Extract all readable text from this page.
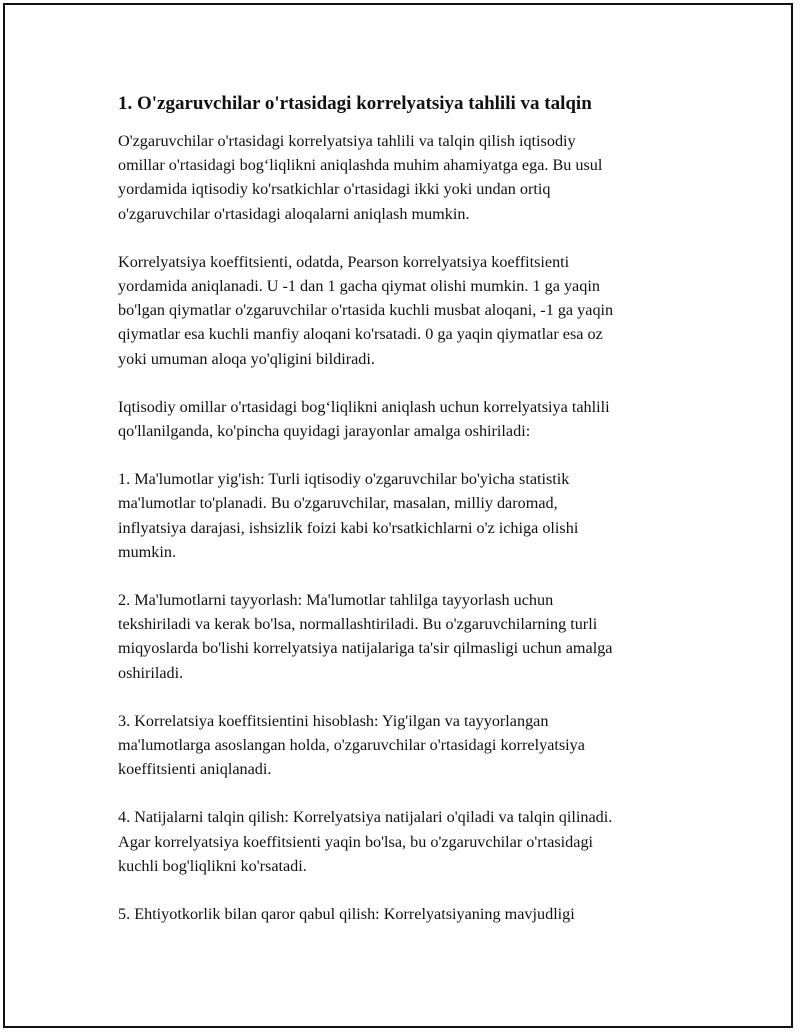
1. O'zgaruvchilar o'rtasidagi korrelyatsiya tahlili va talqin

O'zgaruvchilar o'rtasidagi korrelyatsiya tahlili va talqin qilish iqtisodiy
omillar o'rtasidagi bog‘liqlikni aniqlashda muhim ahamiyatga ega. Bu usul
yordamida iqtisodiy ko'rsatkichlar o'rtasidagi ikki yoki undan ortiq
o'zgaruvchilar o'rtasidagi aloqalarni aniqlash mumkin.

Korrelyatsiya koeffitsienti, odatda, Pearson korrelyatsiya koeffitsienti
yordamida aniqlanadi. U -1 dan 1 gacha qiymat olishi mumkin. 1 ga yaqin
bo'lgan qiymatlar o'zgaruvchilar o'rtasida kuchli musbat aloqani, -1 ga yaqin
qiymatlar esa kuchli manfiy aloqani ko'rsatadi. 0 ga yaqin qiymatlar esa oz
yoki umuman aloqa yo'qligini bildiradi.

Iqtisodiy omillar o'rtasidagi bog‘liqlikni aniqlash uchun korrelyatsiya tahlili
qo'llanilganda, ko'pincha quyidagi jarayonlar amalga oshiriladi:

1. Ma'lumotlar yig'ish: Turli iqtisodiy o'zgaruvchilar bo'yicha statistik
ma'lumotlar to'planadi. Bu o'zgaruvchilar, masalan, milliy daromad,
inflyatsiya darajasi, ishsizlik foizi kabi ko'rsatkichlarni o'z ichiga olishi
mumkin.

2. Ma'lumotlarni tayyorlash: Ma'lumotlar tahlilga tayyorlash uchun
tekshiriladi va kerak bo'lsa, normallashtiriladi. Bu o'zgaruvchilarning turli
miqyoslarda bo'lishi korrelyatsiya natijalariga ta'sir qilmasligi uchun amalga
oshiriladi.

3. Korrelatsiya koeffitsientini hisoblash: Yig'ilgan va tayyorlangan
ma'lumotlarga asoslangan holda, o'zgaruvchilar o'rtasidagi korrelyatsiya
koeffitsienti aniqlanadi.

4. Natijalarni talqin qilish: Korrelyatsiya natijalari o'qiladi va talqin qilinadi.
Agar korrelyatsiya koeffitsienti yaqin bo'lsa, bu o'zgaruvchilar o'rtasidagi
kuchli bog'liqlikni ko'rsatadi.

5. Ehtiyotkorlik bilan qaror qabul qilish: Korrelyatsiyaning mavjudligi
